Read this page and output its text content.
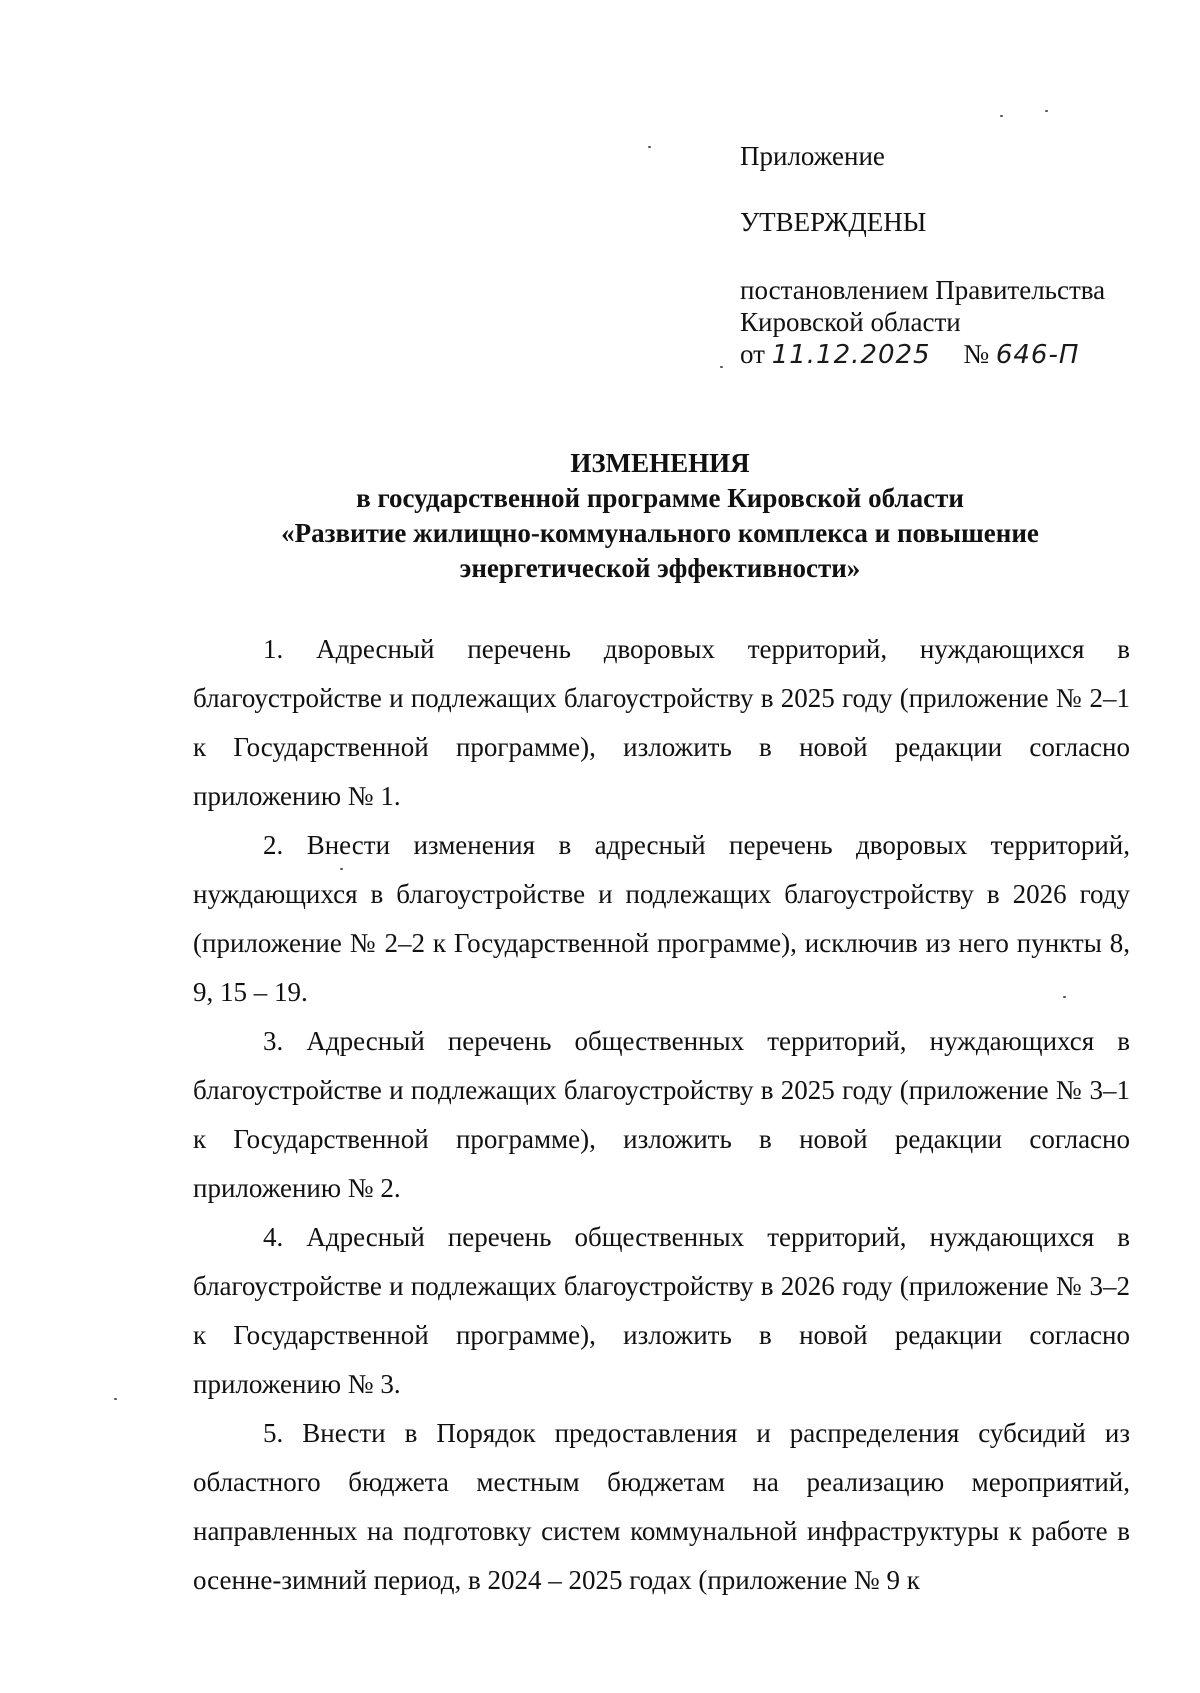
Приложение
УТВЕРЖДЕНЫ
постановлением Правительства
Кировской области
от 11.12.2025 № 646-П
ИЗМЕНЕНИЯ
в государственной программе Кировской области
«Развитие жилищно-коммунального комплекса и повышение
энергетической эффективности»

1. Адресный перечень дворовых территорий, нуждающихся в благоустройстве и подлежащих благоустройству в 2025 году (приложение № 2–1 к Государственной программе), изложить в новой редакции согласно приложению № 1.

2. Внести изменения в адресный перечень дворовых территорий, нуждающихся в благоустройстве и подлежащих благоустройству в 2026 году (приложение № 2–2 к Государственной программе), исключив из него пункты 8, 9, 15 – 19.

3. Адресный перечень общественных территорий, нуждающихся в благоустройстве и подлежащих благоустройству в 2025 году (приложение № 3–1 к Государственной программе), изложить в новой редакции согласно приложению № 2.

4. Адресный перечень общественных территорий, нуждающихся в благоустройстве и подлежащих благоустройству в 2026 году (приложение № 3–2 к Государственной программе), изложить в новой редакции согласно приложению № 3.

5. Внести в Порядок предоставления и распределения субсидий из областного бюджета местным бюджетам на реализацию мероприятий, направленных на подготовку систем коммунальной инфраструктуры к работе в осенне-зимний период, в 2024 – 2025 годах (приложение № 9 к
